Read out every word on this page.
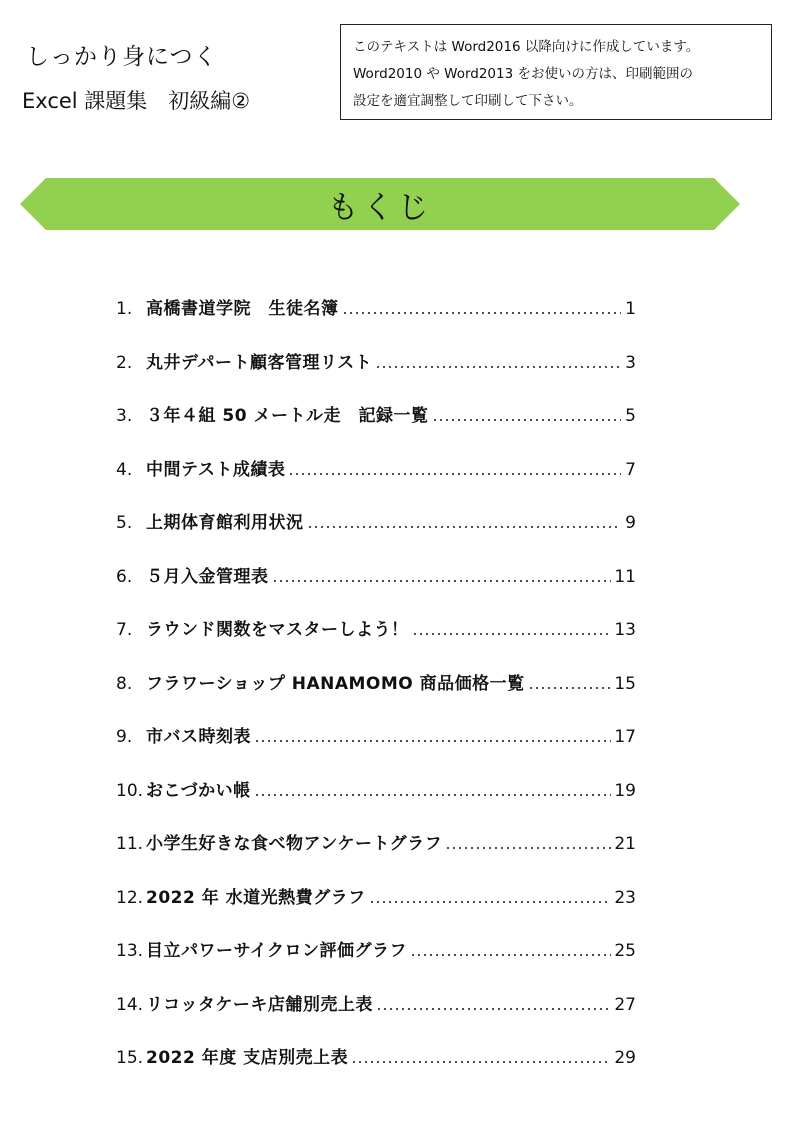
しっかり身につく
Excel 課題集　初級編②
このテキストは Word2016 以降向けに作成しています。
Word2010 や Word2013 をお使いの方は、印刷範囲の
設定を適宜調整して印刷して下さい。
もくじ
1. 高橋書道学院　生徒名簿	1
2. 丸井デパート顧客管理リスト	3
3. ３年４組 50 メートル走　記録一覧	5
4. 中間テスト成績表	7
5. 上期体育館利用状況	9
6. ５月入金管理表	11
7. ラウンド関数をマスターしよう！	13
8. フラワーショップ HANAMOMO 商品価格一覧	15
9. 市バス時刻表	17
10. おこづかい帳	19
11. 小学生好きな食べ物アンケートグラフ	21
12. 2022 年 水道光熱費グラフ	23
13. 目立パワーサイクロン評価グラフ	25
14. リコッタケーキ店舗別売上表	27
15. 2022 年度 支店別売上表	29
